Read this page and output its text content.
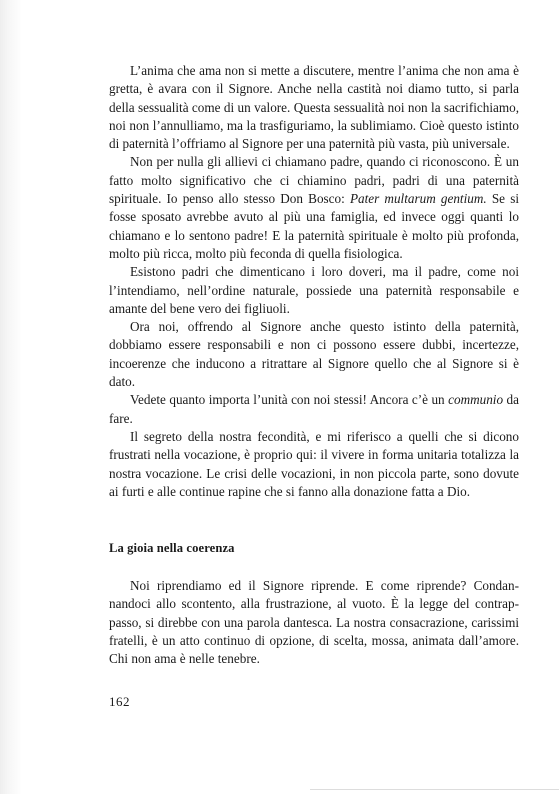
L’anima che ama non si mette a discutere, mentre l’anima che non ama è gretta, è avara con il Signore. Anche nella castità noi diamo tutto, si parla della sessualità come di un valore. Questa sessualità noi non la sacrifichiamo, noi non l’annulliamo, ma la trasfiguriamo, la sublimiamo. Cioè questo istinto di paternità l’offriamo al Signore per una paternità più vasta, più universale.

Non per nulla gli allievi ci chiamano padre, quando ci riconoscono. È un fatto molto significativo che ci chiamino padri, padri di una paternità spirituale. Io penso allo stesso Don Bosco: Pater multarum gentium. Se si fosse sposato avrebbe avuto al più una famiglia, ed invece oggi quanti lo chiamano e lo sentono padre! E la paternità spirituale è molto più profonda, molto più ricca, molto più feconda di quella fisiologica.

Esistono padri che dimenticano i loro doveri, ma il padre, come noi l’intendiamo, nell’ordine naturale, possiede una paternità responsabile e amante del bene vero dei figliuoli.

Ora noi, offrendo al Signore anche questo istinto della paternità, dobbiamo essere responsabili e non ci possono essere dubbi, incertezze, incoerenze che inducono a ritrattare al Signore quello che al Signore si è dato.

Vedete quanto importa l’unità con noi stessi! Ancora c’è un communio da fare.

Il segreto della nostra fecondità, e mi riferisco a quelli che si dicono frustrati nella vocazione, è proprio qui: il vivere in forma unitaria totalizza la nostra vocazione. Le crisi delle vocazioni, in non piccola parte, sono dovute ai furti e alle continue rapine che si fanno alla donazione fatta a Dio.

La gioia nella coerenza

Noi riprendiamo ed il Signore riprende. E come riprende? Condannandoci allo scontento, alla frustrazione, al vuoto. È la legge del contrappasso, si direbbe con una parola dantesca. La nostra consacrazione, carissimi fratelli, è un atto continuo di opzione, di scelta, mossa, animata dall’amore. Chi non ama è nelle tenebre.

162
